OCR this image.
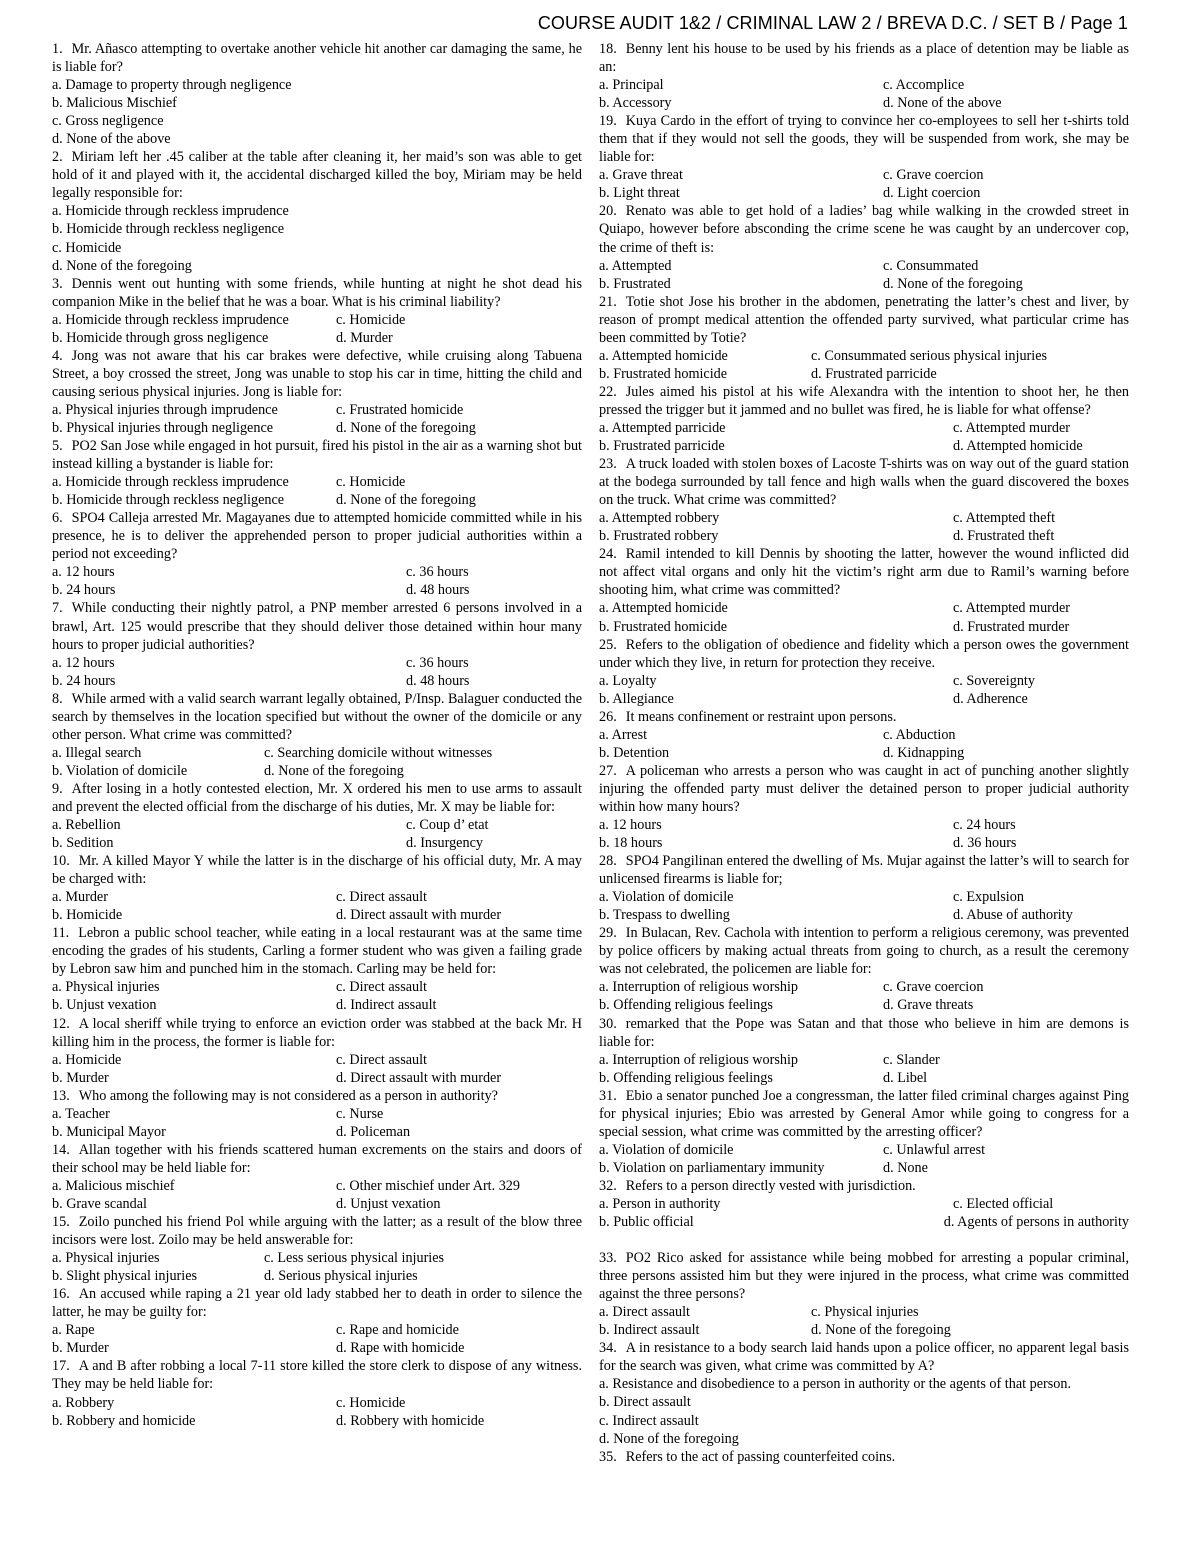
COURSE AUDIT 1&2 / CRIMINAL LAW 2 / BREVA D.C. / SET B / Page 1
1. Mr. Añasco attempting to overtake another vehicle hit another car damaging the same, he is liable for?
a. Damage to property through negligence
b. Malicious Mischief
c. Gross negligence
d. None of the above
2. Miriam left her .45 caliber at the table after cleaning it, her maid’s son was able to get hold of it and played with it, the accidental discharged killed the boy, Miriam may be held legally responsible for:
a. Homicide through reckless imprudence
b. Homicide through reckless negligence
c. Homicide
d. None of the foregoing
3. Dennis went out hunting with some friends, while hunting at night he shot dead his companion Mike in the belief that he was a boar. What is his criminal liability?
a. Homicide through reckless imprudence	c. Homicide
b. Homicide through gross negligence	d. Murder
4. Jong was not aware that his car brakes were defective, while cruising along Tabuena Street, a boy crossed the street, Jong was unable to stop his car in time, hitting the child and causing serious physical injuries. Jong is liable for:
a. Physical injuries through imprudence	c. Frustrated homicide
b. Physical injuries through negligence	d. None of the foregoing
5. PO2 San Jose while engaged in hot pursuit, fired his pistol in the air as a warning shot but instead killing a bystander is liable for:
a. Homicide through reckless imprudence	c. Homicide
b. Homicide through reckless negligence	d. None of the foregoing
6. SPO4 Calleja arrested Mr. Magayanes due to attempted homicide committed while in his presence, he is to deliver the apprehended person to proper judicial authorities within a period not exceeding?
a. 12 hours	c. 36 hours
b. 24 hours	d. 48 hours
7. While conducting their nightly patrol, a PNP member arrested 6 persons involved in a brawl, Art. 125 would prescribe that they should deliver those detained within hour many hours to proper judicial authorities?
a. 12 hours	c. 36 hours
b. 24 hours	d. 48 hours
8. While armed with a valid search warrant legally obtained, P/Insp. Balaguer conducted the search by themselves in the location specified but without the owner of the domicile or any other person. What crime was committed?
a. Illegal search	c. Searching domicile without witnesses
b. Violation of domicile	d. None of the foregoing
9. After losing in a hotly contested election, Mr. X ordered his men to use arms to assault and prevent the elected official from the discharge of his duties, Mr. X may be liable for:
a. Rebellion	c. Coup d’ etat
b. Sedition	d. Insurgency
10. Mr. A killed Mayor Y while the latter is in the discharge of his official duty, Mr. A may be charged with:
a. Murder	c. Direct assault
b. Homicide	d. Direct assault with murder
11. Lebron a public school teacher, while eating in a local restaurant was at the same time encoding the grades of his students, Carling a former student who was given a failing grade by Lebron saw him and punched him in the stomach. Carling may be held for:
a. Physical injuries	c. Direct assault
b. Unjust vexation	d. Indirect assault
12. A local sheriff while trying to enforce an eviction order was stabbed at the back Mr. H killing him in the process, the former is liable for:
a. Homicide	c. Direct assault
b. Murder	d. Direct assault with murder
13. Who among the following may is not considered as a person in authority?
a. Teacher	c. Nurse
b. Municipal Mayor	d. Policeman
14. Allan together with his friends scattered human excrements on the stairs and doors of their school may be held liable for:
a. Malicious mischief	c. Other mischief under Art. 329
b. Grave scandal	d. Unjust vexation
15. Zoilo punched his friend Pol while arguing with the latter; as a result of the blow three incisors were lost. Zoilo may be held answerable for:
a. Physical injuries	c. Less serious physical injuries
b. Slight physical injuries	d. Serious physical injuries
16. An accused while raping a 21 year old lady stabbed her to death in order to silence the latter, he may be guilty for:
a. Rape	c. Rape and homicide
b. Murder	d. Rape with homicide
17. A and B after robbing a local 7-11 store killed the store clerk to dispose of any witness. They may be held liable for:
a. Robbery	c. Homicide
b. Robbery and homicide	d. Robbery with homicide
18. Benny lent his house to be used by his friends as a place of detention may be liable as an:
a. Principal	c. Accomplice
b. Accessory	d. None of the above
19. Kuya Cardo in the effort of trying to convince her co-employees to sell her t-shirts told them that if they would not sell the goods, they will be suspended from work, she may be liable for:
a. Grave threat	c. Grave coercion
b. Light threat	d. Light coercion
20. Renato was able to get hold of a ladies’ bag while walking in the crowded street in Quiapo, however before absconding the crime scene he was caught by an undercover cop, the crime of theft is:
a. Attempted	c. Consummated
b. Frustrated	d. None of the foregoing
21. Totie shot Jose his brother in the abdomen, penetrating the latter’s chest and liver, by reason of prompt medical attention the offended party survived, what particular crime has been committed by Totie?
a. Attempted homicide	c. Consummated serious physical injuries
b. Frustrated homicide	d. Frustrated parricide
22. Jules aimed his pistol at his wife Alexandra with the intention to shoot her, he then pressed the trigger but it jammed and no bullet was fired, he is liable for what offense?
a. Attempted parricide	c. Attempted murder
b. Frustrated parricide	d. Attempted homicide
23. A truck loaded with stolen boxes of Lacoste T-shirts was on way out of the guard station at the bodega surrounded by tall fence and high walls when the guard discovered the boxes on the truck. What crime was committed?
a. Attempted robbery	c. Attempted theft
b. Frustrated robbery	d. Frustrated theft
24. Ramil intended to kill Dennis by shooting the latter, however the wound inflicted did not affect vital organs and only hit the victim’s right arm due to Ramil’s warning before shooting him, what crime was committed?
a. Attempted homicide	c. Attempted murder
b. Frustrated homicide	d. Frustrated murder
25. Refers to the obligation of obedience and fidelity which a person owes the government under which they live, in return for protection they receive.
a. Loyalty	c. Sovereignty
b. Allegiance	d. Adherence
26. It means confinement or restraint upon persons.
a. Arrest	c. Abduction
b. Detention	d. Kidnapping
27. A policeman who arrests a person who was caught in act of punching another slightly injuring the offended party must deliver the detained person to proper judicial authority within how many hours?
a. 12 hours	c. 24 hours
b. 18 hours	d. 36 hours
28. SPO4 Pangilinan entered the dwelling of Ms. Mujar against the latter’s will to search for unlicensed firearms is liable for;
a. Violation of domicile	c. Expulsion
b. Trespass to dwelling	d. Abuse of authority
29. In Bulacan, Rev. Cachola with intention to perform a religious ceremony, was prevented by police officers by making actual threats from going to church, as a result the ceremony was not celebrated, the policemen are liable for:
a. Interruption of religious worship	c. Grave coercion
b. Offending religious feelings	d. Grave threats
30. remarked that the Pope was Satan and that those who believe in him are demons is liable for:
a. Interruption of religious worship	c. Slander
b. Offending religious feelings	d. Libel
31. Ebio a senator punched Joe a congressman, the latter filed criminal charges against Ping for physical injuries; Ebio was arrested by General Amor while going to congress for a special session, what crime was committed by the arresting officer?
a. Violation of domicile	c. Unlawful arrest
b. Violation on parliamentary immunity	d. None
32. Refers to a person directly vested with jurisdiction.
a. Person in authority	c. Elected official
b. Public official	d. Agents of persons in authority
33. PO2 Rico asked for assistance while being mobbed for arresting a popular criminal, three persons assisted him but they were injured in the process, what crime was committed against the three persons?
a. Direct assault	c. Physical injuries
b. Indirect assault	d. None of the foregoing
34. A in resistance to a body search laid hands upon a police officer, no apparent legal basis for the search was given, what crime was committed by A?
a. Resistance and disobedience to a person in authority or the agents of that person.
b. Direct assault
c. Indirect assault
d. None of the foregoing
35. Refers to the act of passing counterfeited coins.
